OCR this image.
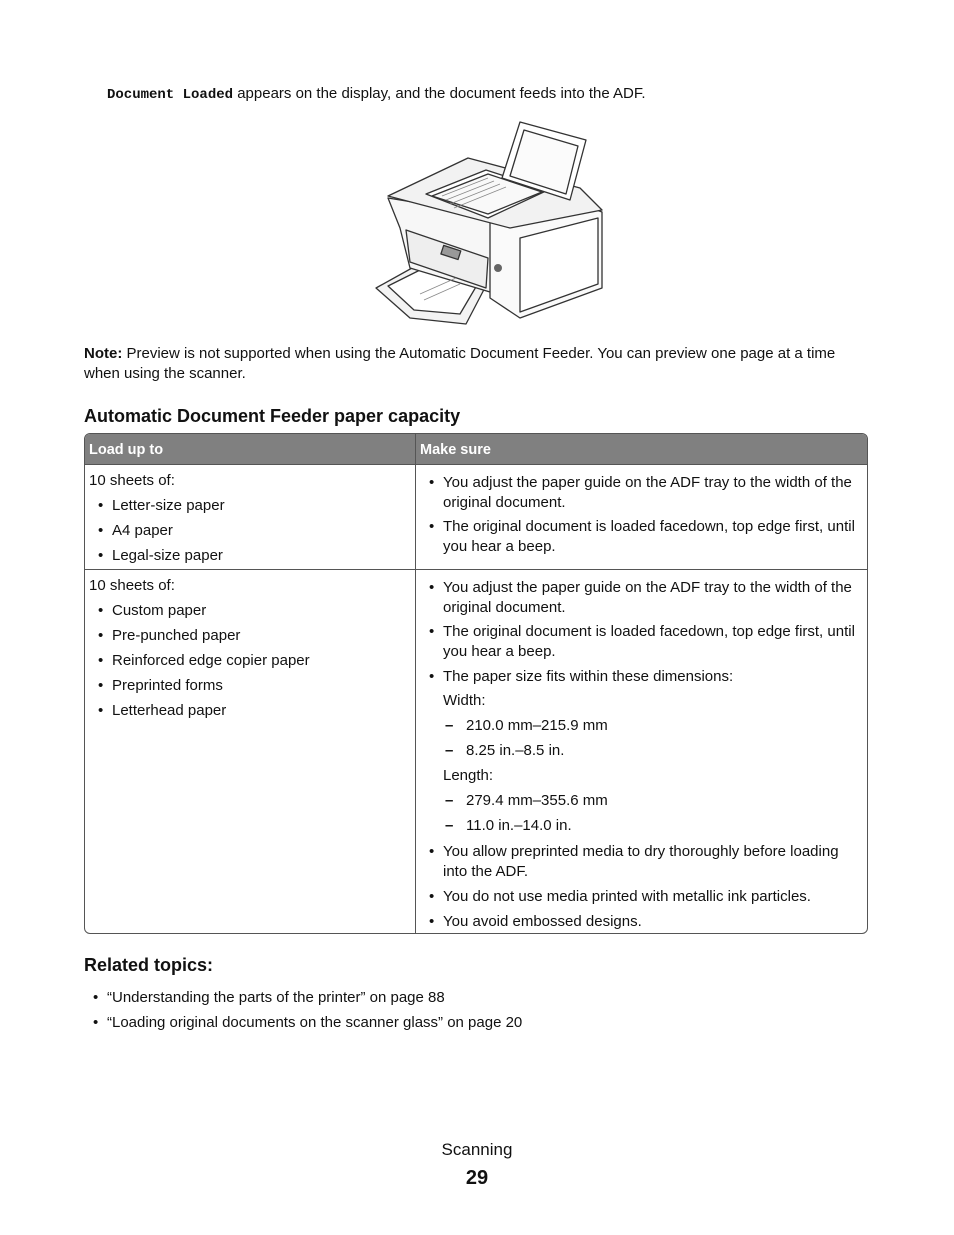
Document Loaded appears on the display, and the document feeds into the ADF.
Note: Preview is not supported when using the Automatic Document Feeder. You can preview one page at a time when using the scanner.
Automatic Document Feeder paper capacity
Load up to	Make sure
10 sheets of:
• Letter-size paper
• A4 paper
• Legal-size paper
• You adjust the paper guide on the ADF tray to the width of the original document.
• The original document is loaded facedown, top edge first, until you hear a beep.
10 sheets of:
• Custom paper
• Pre-punched paper
• Reinforced edge copier paper
• Preprinted forms
• Letterhead paper
• You adjust the paper guide on the ADF tray to the width of the original document.
• The original document is loaded facedown, top edge first, until you hear a beep.
• The paper size fits within these dimensions:
Width:
– 210.0 mm–215.9 mm
– 8.25 in.–8.5 in.
Length:
– 279.4 mm–355.6 mm
– 11.0 in.–14.0 in.
• You allow preprinted media to dry thoroughly before loading into the ADF.
• You do not use media printed with metallic ink particles.
• You avoid embossed designs.
Related topics:
• “Understanding the parts of the printer” on page 88
• “Loading original documents on the scanner glass” on page 20
Scanning
29
